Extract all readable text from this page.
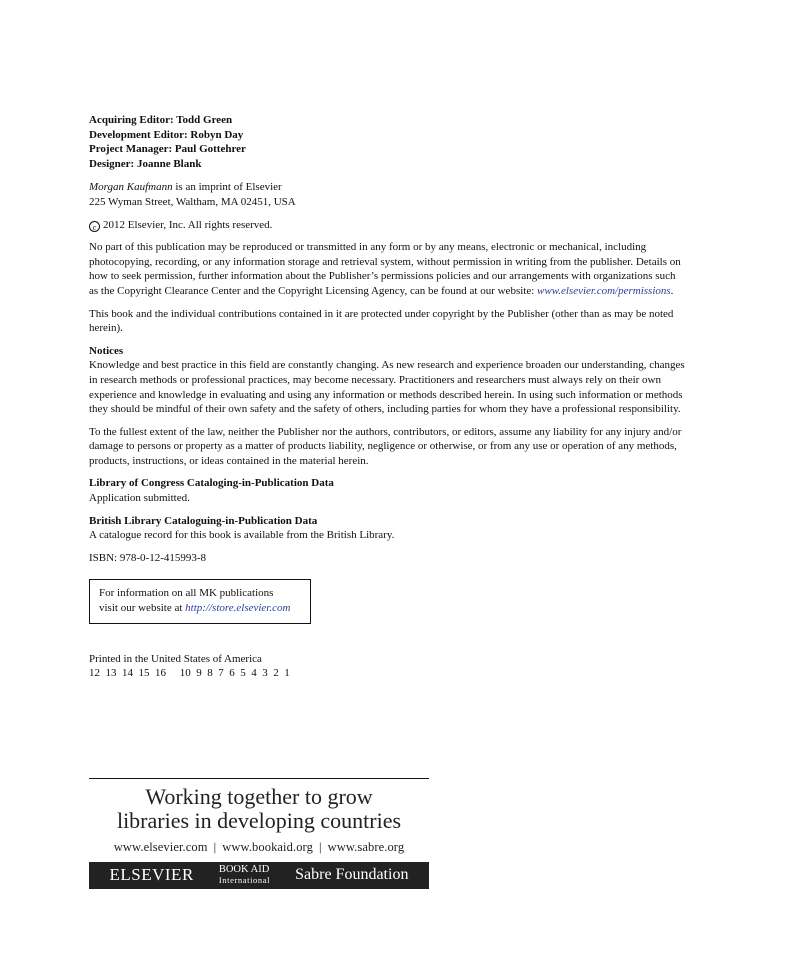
Acquiring Editor: Todd Green
Development Editor: Robyn Day
Project Manager: Paul Gottehrer
Designer: Joanne Blank

Morgan Kaufmann is an imprint of Elsevier

225 Wyman Street, Waltham, MA 02451, USA

c 2012 Elsevier, Inc. All rights reserved.

No part of this publication may be reproduced or transmitted in any form or by any means, electronic or mechanical, including photocopying, recording, or any information storage and retrieval system, without permission in writing from the publisher. Details on how to seek permission, further information about the Publisher’s permissions policies and our arrangements with organizations such as the Copyright Clearance Center and the Copyright Licensing Agency, can be found at our website: www.elsevier.com/permissions.

This book and the individual contributions contained in it are protected under copyright by the Publisher (other than as may be noted herein).

Notices

Knowledge and best practice in this field are constantly changing. As new research and experience broaden our understanding, changes in research methods or professional practices, may become necessary. Practitioners and researchers must always rely on their own experience and knowledge in evaluating and using any information or methods described herein. In using such information or methods they should be mindful of their own safety and the safety of others, including parties for whom they have a professional responsibility.

To the fullest extent of the law, neither the Publisher nor the authors, contributors, or editors, assume any liability for any injury and/or damage to persons or property as a matter of products liability, negligence or otherwise, or from any use or operation of any methods, products, instructions, or ideas contained in the material herein.

Library of Congress Cataloging-in-Publication Data

Application submitted.

British Library Cataloguing-in-Publication Data

A catalogue record for this book is available from the British Library.

ISBN: 978-0-12-415993-8

For information on all MK publications

visit our website at http://store.elsevier.com

Printed in the United States of America

12  13  14  15  16     10  9  8  7  6  5  4  3  2  1

Working together to grow
libraries in developing countries
www.elsevier.com | www.bookaid.org | www.sabre.org
ELSEVIER BOOK AID
International Sabre Foundation
